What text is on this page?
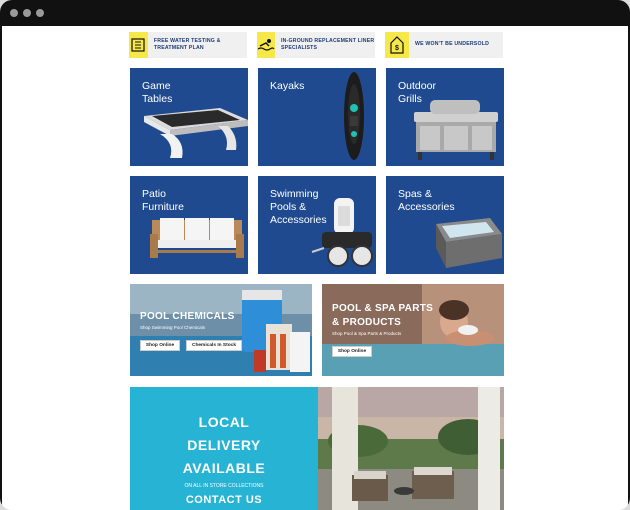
FREE WATER TESTING & TREATMENT PLAN
IN-GROUND REPLACEMENT LINER SPECIALISTS	$
WE WON'T BE UNDERSOLD
Game Tables
Kayaks	Outdoor Grills
Patio Furniture
Swimming Pools & Accessories
Spas & Accessories
POOL CHEMICALS
Shop Swimming Pool Chemicals
Shop Online	Chemicals In Stock
POOL & SPA PARTS
& PRODUCTS
Shop Pool & Spa Parts & Products
Shop Online
LOCAL
DELIVERY
AVAILABLE
ON ALL IN STORE COLLECTIONS
CONTACT US
